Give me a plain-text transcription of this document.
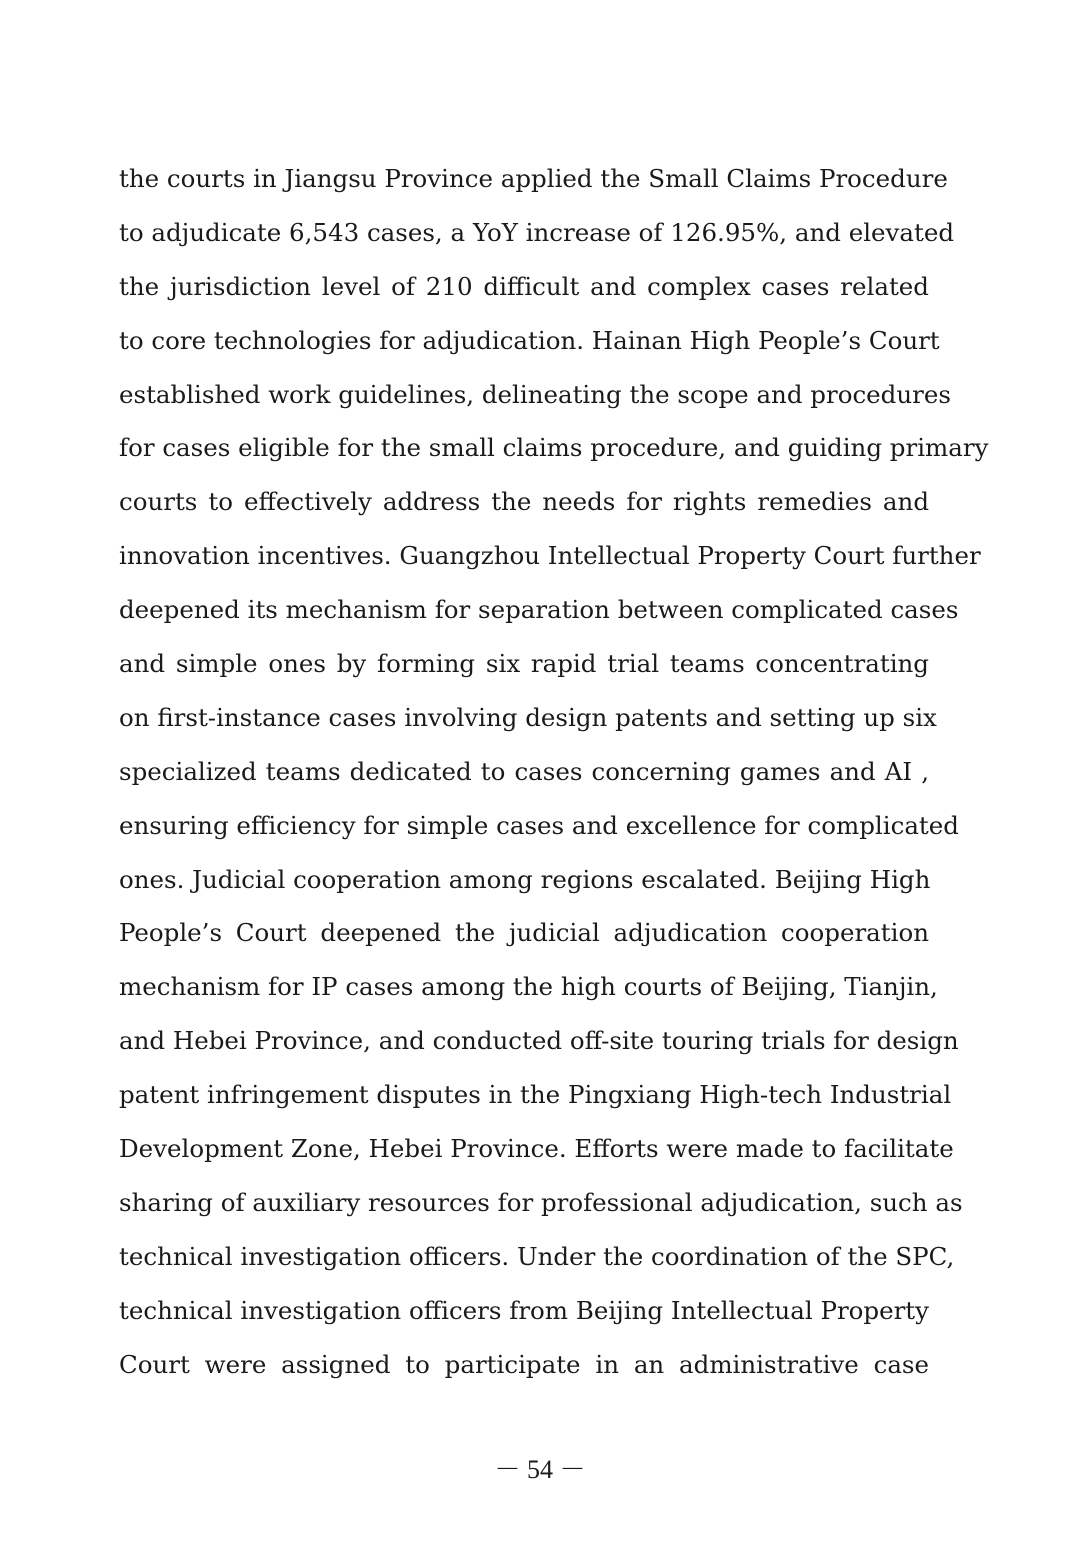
the courts in Jiangsu Province applied the Small Claims Procedure
to adjudicate 6,543 cases, a YoY increase of 126.95%, and elevated
the jurisdiction level of 210 difficult and complex cases related
to core technologies for adjudication. Hainan High People’s Court
established work guidelines, delineating the scope and procedures
for cases eligible for the small claims procedure, and guiding primary
courts to effectively address the needs for rights remedies and
innovation incentives. Guangzhou Intellectual Property Court further
deepened its mechanism for separation between complicated cases
and simple ones by forming six rapid trial teams concentrating
on first-instance cases involving design patents and setting up six
specialized teams dedicated to cases concerning games and AI ,
ensuring efficiency for simple cases and excellence for complicated
ones. Judicial cooperation among regions escalated. Beijing High
People’s Court deepened the judicial adjudication cooperation
mechanism for IP cases among the high courts of Beijing, Tianjin,
and Hebei Province, and conducted off-site touring trials for design
patent infringement disputes in the Pingxiang High-tech Industrial
Development Zone, Hebei Province. Efforts were made to facilitate
sharing of auxiliary resources for professional adjudication, such as
technical investigation officers. Under the coordination of the SPC,
technical investigation officers from Beijing Intellectual Property
Court were assigned to participate in an administrative case
－ 54 －
